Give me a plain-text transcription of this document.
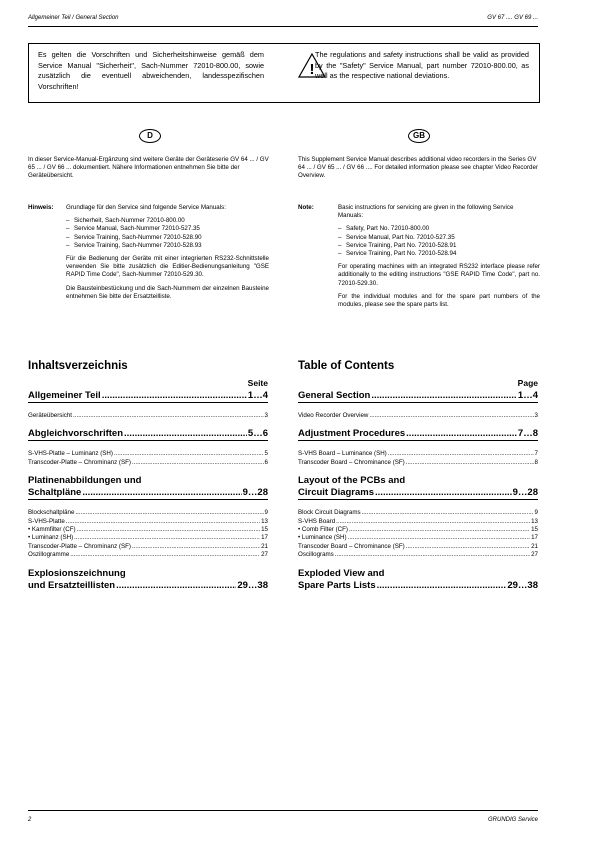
Allgemeiner Teil / General Section	GV 67 .... GV 69 ...
Es gelten die Vorschriften und Sicherheitshinweise gemäß dem Service Manual "Sicherheit", Sach-Nummer 72010-800.00, sowie zusätzlich die eventuell abweichenden, landesspezifischen Vorschriften!
!
The regulations and safety instructions shall be valid as provided by the "Safety" Service Manual, part number 72010-800.00, as well as the respective national deviations.
D	GB
In dieser Service-Manual-Ergänzung sind weitere Geräte der Geräteserie GV 64 ... / GV 65 ... / GV 66 ... dokumentiert. Nähere Informationen entnehmen Sie bitte der Geräteübersicht.
This Supplement Service Manual describes additional video recorders in the Series GV 64 ... / GV 65 ... / GV 66 .... For detailed information please see chapter Video Recorder Overview.
Hinweis: Grundlage für den Service sind folgende Service Manuals:

– Sicherheit, Sach-Nummer 72010-800.00
– Service Manual, Sach-Nummer 72010-527.35
– Service Training, Sach-Nummer 72010-528.90
– Service Training, Sach-Nummer 72010-528.93

Für die Bedienung der Geräte mit einer integrierten RS232-Schnittstelle verwenden Sie bitte zusätzlich die Editier-Bedienungsanleitung "GSE RAPID Time Code", Sach-Nummer 72010-529.30.

Die Bausteinbestückung und die Sach-Nummern der einzelnen Bausteine entnehmen Sie bitte der Ersatzteilliste.

Note:	Basic instructions for servicing are given in the following Service Manuals:

– Safety, Part No. 72010-800.00
– Service Manual, Part No. 72010-527.35
– Service Training, Part No. 72010-528.91
– Service Training, Part No. 72010-528.94

For operating machines with an integrated RS232 interface please refer additionally to the editing instructions "GSE RAPID Time Code", part no. 72010-529.30.

For the individual modules and for the spare part numbers of the modules, please see the spare parts list.

Inhaltsverzeichnis
Seite
Allgemeiner Teil .....	1…4
Geräteübersicht .....	3
Abgleichvorschriften .....	5…6
S-VHS-Platte – Luminanz (SH) .....	5
Transcoder-Platte – Chrominanz (SF) .....	6
Platinenabbildungen und
Schaltpläne .....	9…28
Blockschaltpläne .....	9
S-VHS-Platte .....	13
• Kammfilter (CF) .....	15
• Luminanz (SH) .....	17
Transcoder-Platte – Chrominanz (SF) .....	21
Oszillogramme .....	27
Explosionszeichnung
und Ersatzteillisten .....	29…38
Table of Contents
Page
General Section .....	1…4
Video Recorder Overview .....	3
Adjustment Procedures .....	7…8
S-VHS Board – Luminance (SH) .....	7
Transcoder Board – Chrominance (SF) .....	8
Layout of the PCBs and
Circuit Diagrams .....	9…28
Block Circuit Diagrams .....	9
S-VHS Board .....	13
• Comb Filter (CF) .....	15
• Luminance (SH) .....	17
Transcoder Board – Chrominance (SF) .....	21
Oscillograms .....	27
Exploded View and
Spare Parts Lists .....	29…38
2	GRUNDIG Service
